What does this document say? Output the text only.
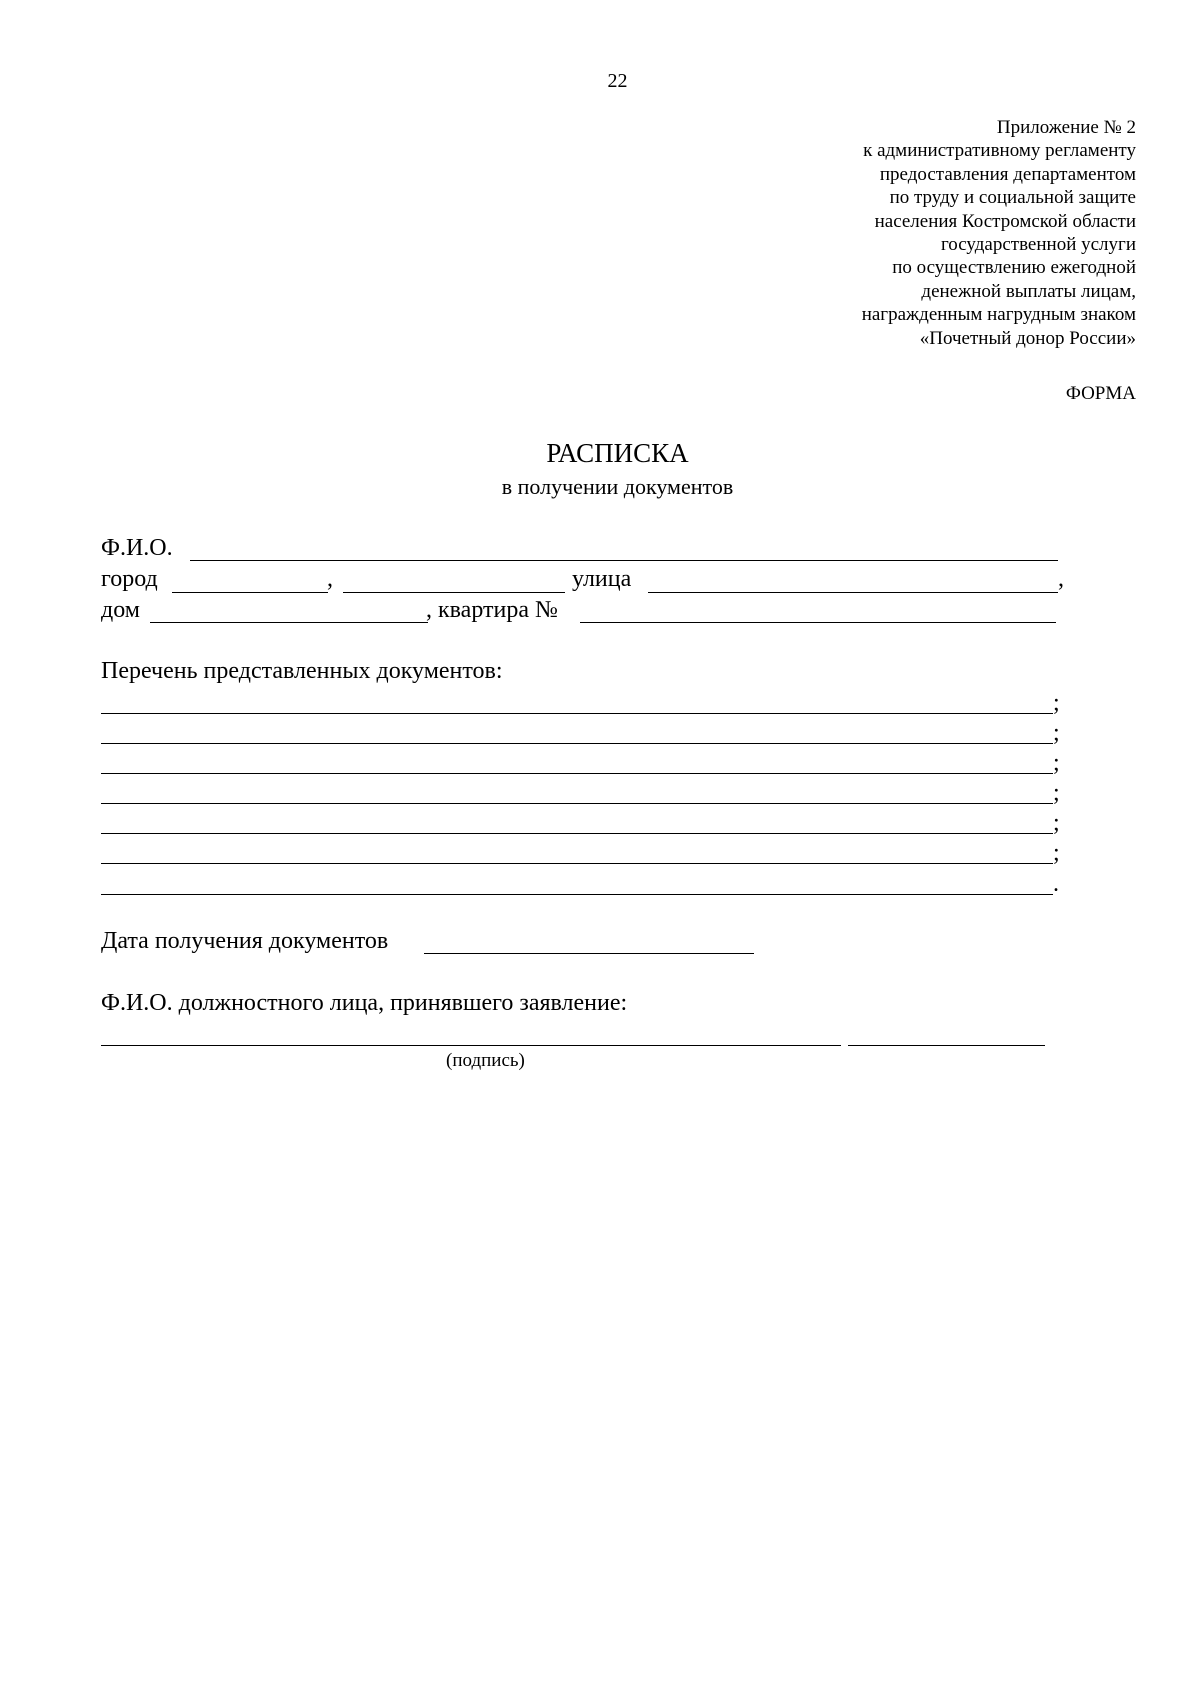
22
Приложение № 2
к административному регламенту
предоставления департаментом
по труду и социальной защите
населения Костромской области
государственной услуги
по осуществлению ежегодной
денежной выплаты лицам,
награжденным нагрудным знаком
«Почетный донор России»
ФОРМА
РАСПИСКА
в получении документов
Ф.И.О.
город	,	улица	,
дом	, квартира №
Перечень представленных документов:
;
;
;
;
;
;
.
Дата получения документов
Ф.И.О. должностного лица, принявшего заявление:
(подпись)
